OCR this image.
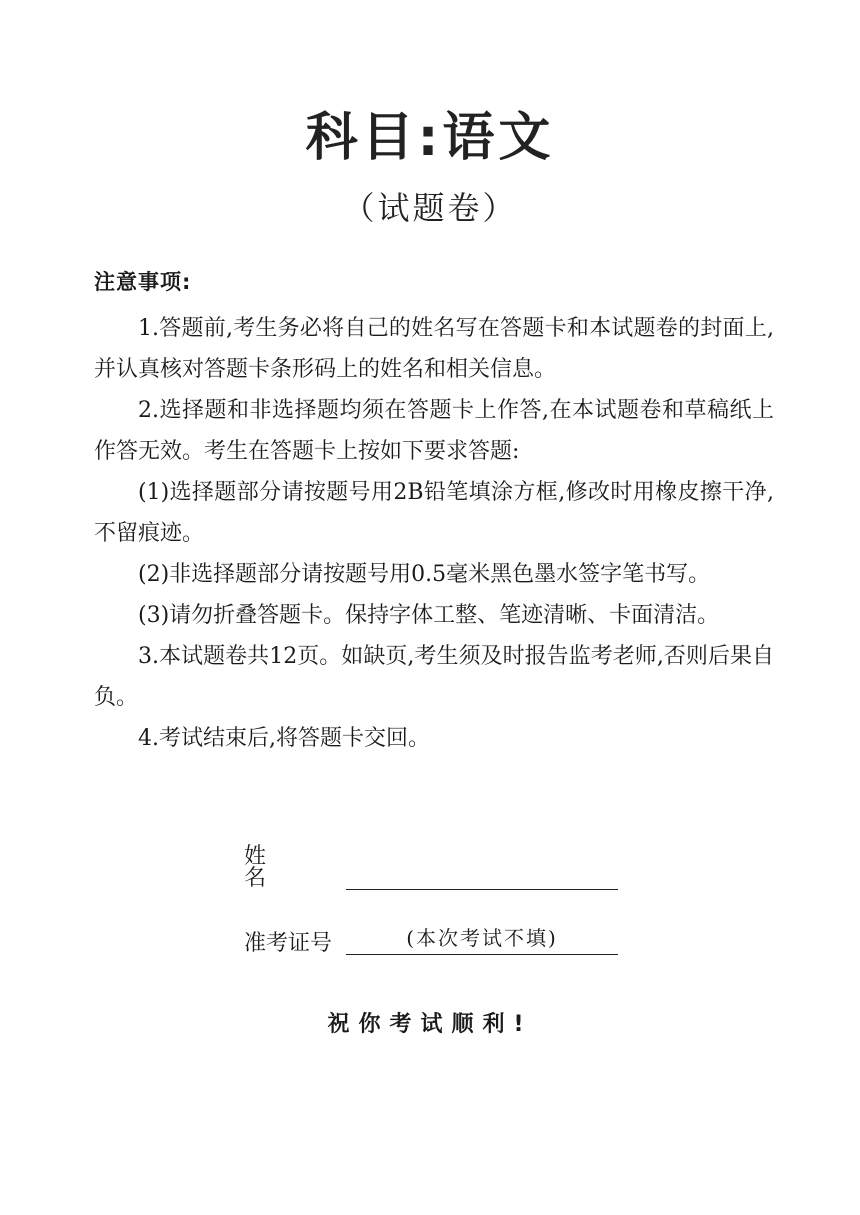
科目:语文
（试题卷）
注意事项:

1.答题前,考生务必将自己的姓名写在答题卡和本试题卷的封面上,并认真核对答题卡条形码上的姓名和相关信息。

2.选择题和非选择题均须在答题卡上作答,在本试题卷和草稿纸上作答无效。考生在答题卡上按如下要求答题:

(1)选择题部分请按题号用2B铅笔填涂方框,修改时用橡皮擦干净,不留痕迹。

(2)非选择题部分请按题号用0.5毫米黑色墨水签字笔书写。

(3)请勿折叠答题卡。保持字体工整、笔迹清晰、卡面清洁。

3.本试题卷共12页。如缺页,考生须及时报告监考老师,否则后果自负。

4.考试结束后,将答题卡交回。

姓名
准考证号	(本次考试不填)
祝你考试顺利!
